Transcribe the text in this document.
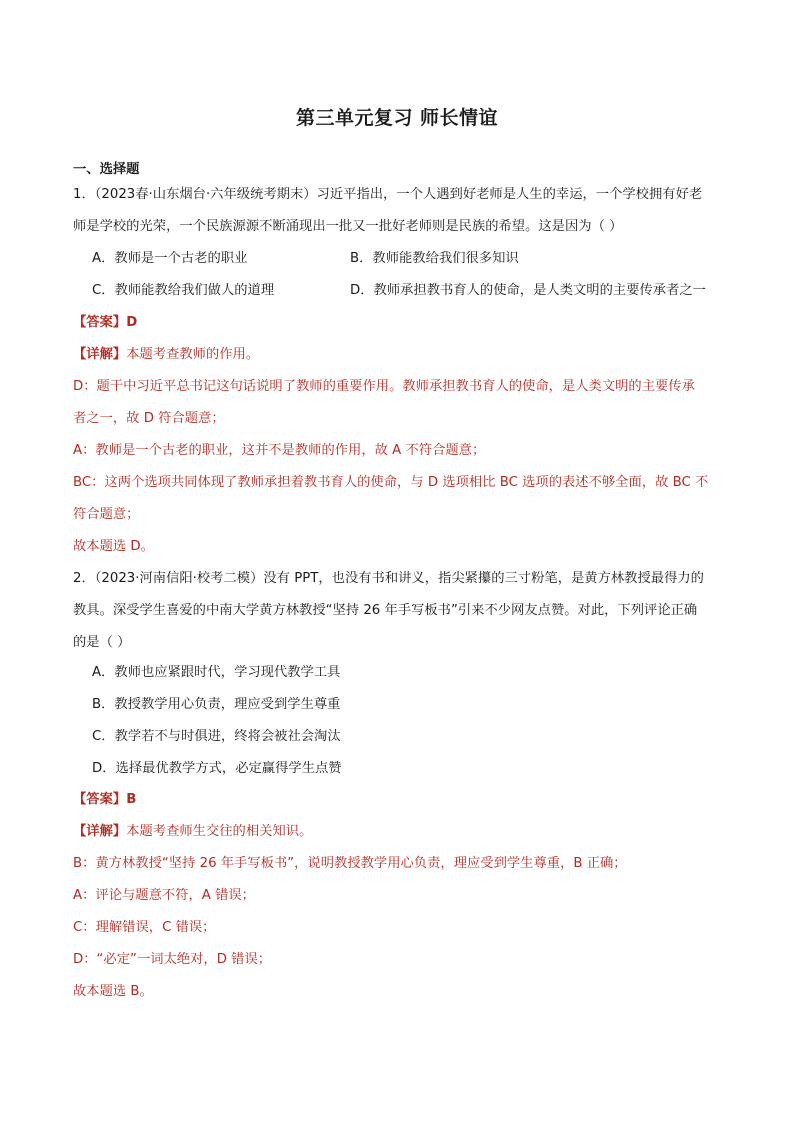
第三单元复习 师长情谊
一、选择题
1．（2023春·山东烟台·六年级统考期末）习近平指出，一个人遇到好老师是人生的幸运，一个学校拥有好老
师是学校的光荣，一个民族源源不断涌现出一批又一批好老师则是民族的希望。这是因为（ ）
A．教师是一个古老的职业	B．教师能教给我们很多知识
C．教师能教给我们做人的道理	D．教师承担教书育人的使命，是人类文明的主要传承者之一
【答案】D
【详解】本题考查教师的作用。
D：题干中习近平总书记这句话说明了教师的重要作用。教师承担教书育人的使命，是人类文明的主要传承
者之一，故 D 符合题意；
A：教师是一个古老的职业，这并不是教师的作用，故 A 不符合题意；
BC：这两个选项共同体现了教师承担着教书育人的使命，与 D 选项相比 BC 选项的表述不够全面，故 BC 不
符合题意；
故本题选 D。
2．（2023·河南信阳·校考二模）没有 PPT，也没有书和讲义，指尖紧攥的三寸粉笔，是黄方林教授最得力的
教具。深受学生喜爱的中南大学黄方林教授“坚持 26 年手写板书”引来不少网友点赞。对此，下列评论正确
的是（ ）
A．教师也应紧跟时代，学习现代教学工具
B．教授教学用心负责，理应受到学生尊重
C．教学若不与时俱进，终将会被社会淘汰
D．选择最优教学方式，必定赢得学生点赞
【答案】B
【详解】本题考查师生交往的相关知识。
B：黄方林教授“坚持 26 年手写板书”，说明教授教学用心负责，理应受到学生尊重，B 正确；
A：评论与题意不符，A 错误；
C：理解错误，C 错误；
D：“必定”一词太绝对，D 错误；
故本题选 B。
